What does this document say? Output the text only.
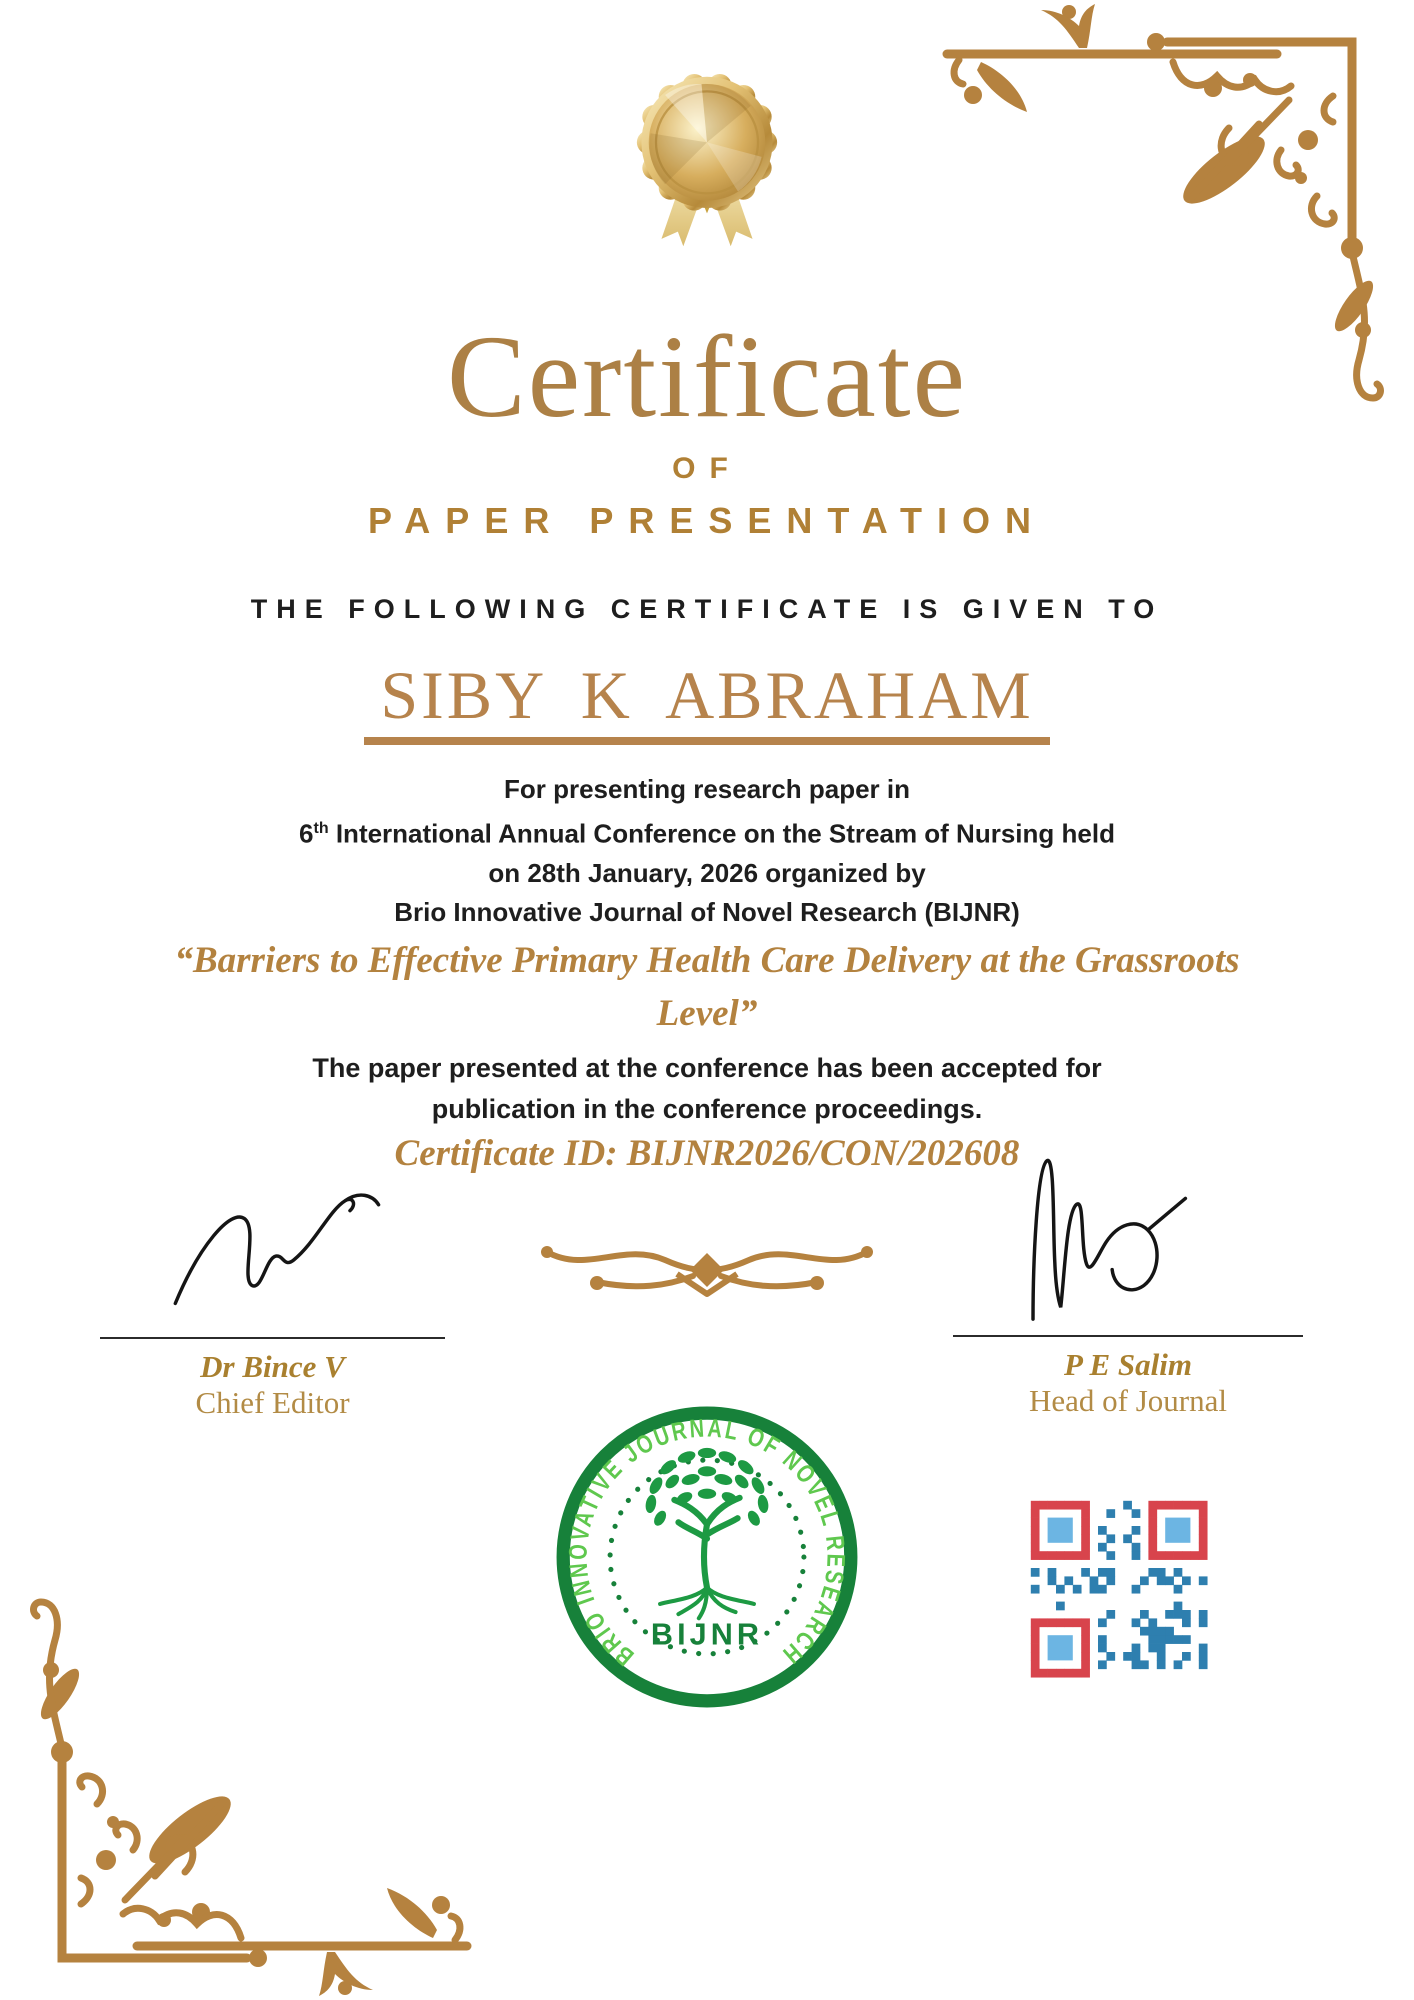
Certificate
OF
PAPER PRESENTATION
THE FOLLOWING CERTIFICATE IS GIVEN TO
SIBY K ABRAHAM
For presenting research paper in
6th International Annual Conference on the Stream of Nursing held
on 28th January, 2026 organized by
Brio Innovative Journal of Novel Research (BIJNR)
“Barriers to Effective Primary Health Care Delivery at the Grassroots Level”
The paper presented at the conference has been accepted for publication in the conference proceedings.
Certificate ID: BIJNR2026/CON/202608
Dr Bince V
Chief Editor
P E Salim
Head of Journal
BRIO INNOVATIVE JOURNAL OF NOVEL RESEARCH
BIJNR
